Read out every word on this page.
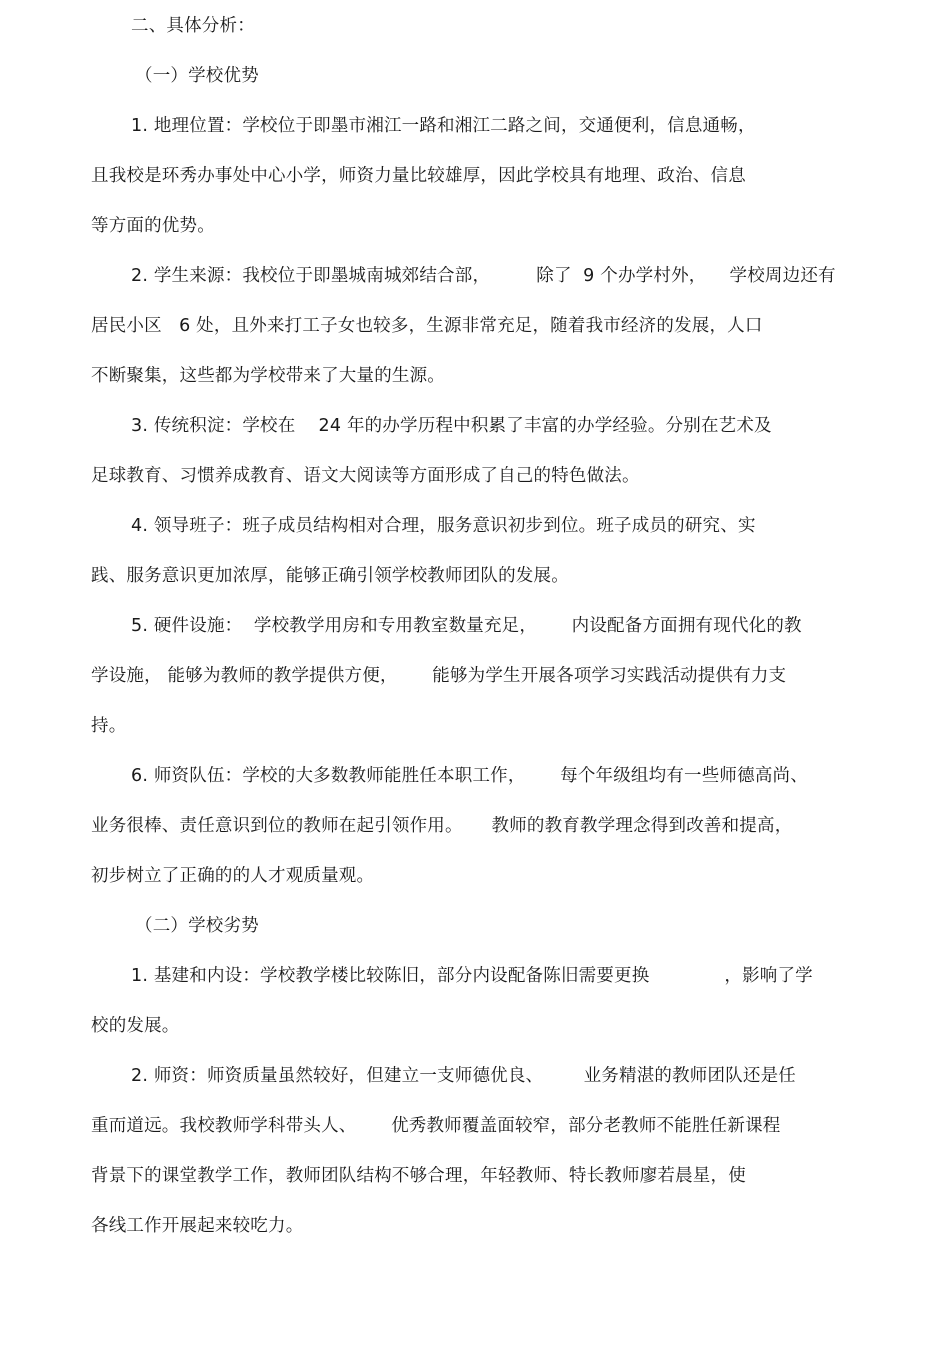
二、具体分析：
（一）学校优势
1. 地理位置：学校位于即墨市湘江一路和湘江二路之间，交通便利，信息通畅，
且我校是环秀办事处中心小学，师资力量比较雄厚，因此学校具有地理、政治、信息
等方面的优势。
2. 学生来源：我校位于即墨城南城郊结合部，        除了  9 个办学村外，    学校周边还有
居民小区   6 处，且外来打工子女也较多，生源非常充足，随着我市经济的发展，人口
不断聚集，这些都为学校带来了大量的生源。
3. 传统积淀：学校在    24 年的办学历程中积累了丰富的办学经验。分别在艺术及
足球教育、习惯养成教育、语文大阅读等方面形成了自己的特色做法。
4. 领导班子：班子成员结构相对合理，服务意识初步到位。班子成员的研究、实
践、服务意识更加浓厚，能够正确引领学校教师团队的发展。
5. 硬件设施：  学校教学用房和专用教室数量充足，      内设配备方面拥有现代化的教
学设施， 能够为教师的教学提供方便，      能够为学生开展各项学习实践活动提供有力支
持。
6. 师资队伍：学校的大多数教师能胜任本职工作，      每个年级组均有一些师德高尚、
业务很棒、责任意识到位的教师在起引领作用。     教师的教育教学理念得到改善和提高，
初步树立了正确的的人才观质量观。
（二）学校劣势
1. 基建和内设：学校教学楼比较陈旧，部分内设配备陈旧需要更换             ，影响了学
校的发展。
2. 师资：师资质量虽然较好，但建立一支师德优良、       业务精湛的教师团队还是任
重而道远。我校教师学科带头人、      优秀教师覆盖面较窄，部分老教师不能胜任新课程
背景下的课堂教学工作，教师团队结构不够合理，年轻教师、特长教师廖若晨星，使
各线工作开展起来较吃力。
